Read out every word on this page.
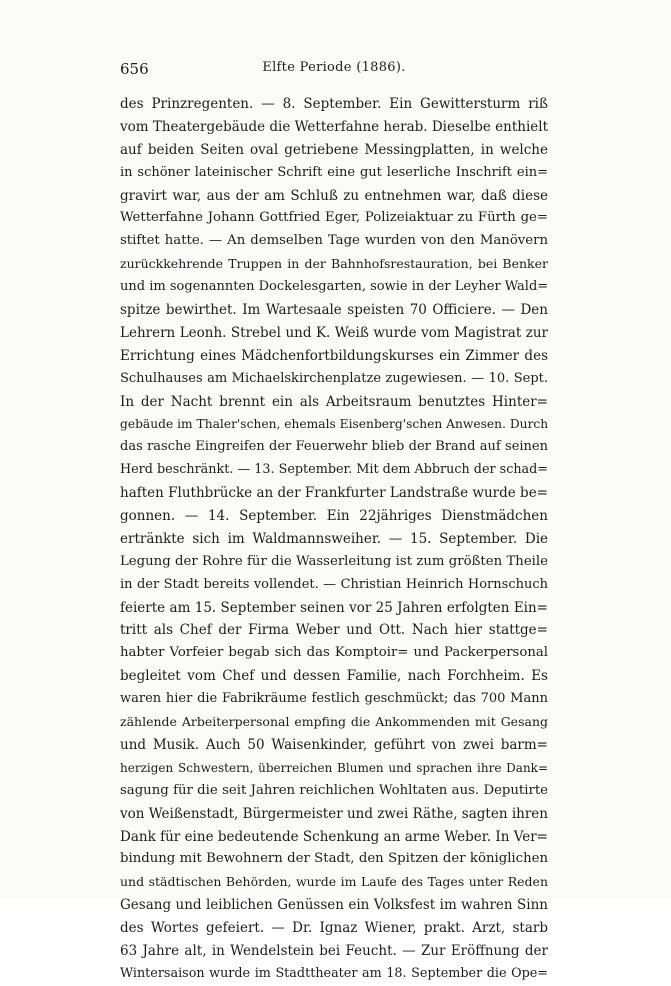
656	Elfte Periode (1886).
des Prinzregenten. — 8. September. Ein Gewittersturm riß
vom Theatergebäude die Wetterfahne herab. Dieselbe enthielt
auf beiden Seiten oval getriebene Messingplatten, in welche
in schöner lateinischer Schrift eine gut leserliche Inschrift ein=
gravirt war, aus der am Schluß zu entnehmen war, daß diese
Wetterfahne Johann Gottfried Eger, Polizeiaktuar zu Fürth ge=
stiftet hatte. — An demselben Tage wurden von den Manövern
zurückkehrende Truppen in der Bahnhofsrestauration, bei Benker
und im sogenannten Dockelesgarten, sowie in der Leyher Wald=
spitze bewirthet. Im Wartesaale speisten 70 Officiere. — Den
Lehrern Leonh. Strebel und K. Weiß wurde vom Magistrat zur
Errichtung eines Mädchenfortbildungskurses ein Zimmer des
Schulhauses am Michaelskirchenplatze zugewiesen. — 10. Sept.
In der Nacht brennt ein als Arbeitsraum benutztes Hinter=
gebäude im Thaler'schen, ehemals Eisenberg'schen Anwesen. Durch
das rasche Eingreifen der Feuerwehr blieb der Brand auf seinen
Herd beschränkt. — 13. September. Mit dem Abbruch der schad=
haften Fluthbrücke an der Frankfurter Landstraße wurde be=
gonnen. — 14. September. Ein 22jähriges Dienstmädchen
ertränkte sich im Waldmannsweiher. — 15. September. Die
Legung der Rohre für die Wasserleitung ist zum größten Theile
in der Stadt bereits vollendet. — Christian Heinrich Hornschuch
feierte am 15. September seinen vor 25 Jahren erfolgten Ein=
tritt als Chef der Firma Weber und Ott. Nach hier stattge=
habter Vorfeier begab sich das Komptoir= und Packerpersonal
begleitet vom Chef und dessen Familie, nach Forchheim. Es
waren hier die Fabrikräume festlich geschmückt; das 700 Mann
zählende Arbeiterpersonal empfing die Ankommenden mit Gesang
und Musik. Auch 50 Waisenkinder, geführt von zwei barm=
herzigen Schwestern, überreichen Blumen und sprachen ihre Dank=
sagung für die seit Jahren reichlichen Wohltaten aus. Deputirte
von Weißenstadt, Bürgermeister und zwei Räthe, sagten ihren
Dank für eine bedeutende Schenkung an arme Weber. In Ver=
bindung mit Bewohnern der Stadt, den Spitzen der königlichen
und städtischen Behörden, wurde im Laufe des Tages unter Reden
Gesang und leiblichen Genüssen ein Volksfest im wahren Sinn
des Wortes gefeiert. — Dr. Ignaz Wiener, prakt. Arzt, starb
63 Jahre alt, in Wendelstein bei Feucht. — Zur Eröffnung der
Wintersaison wurde im Stadttheater am 18. September die Ope=
